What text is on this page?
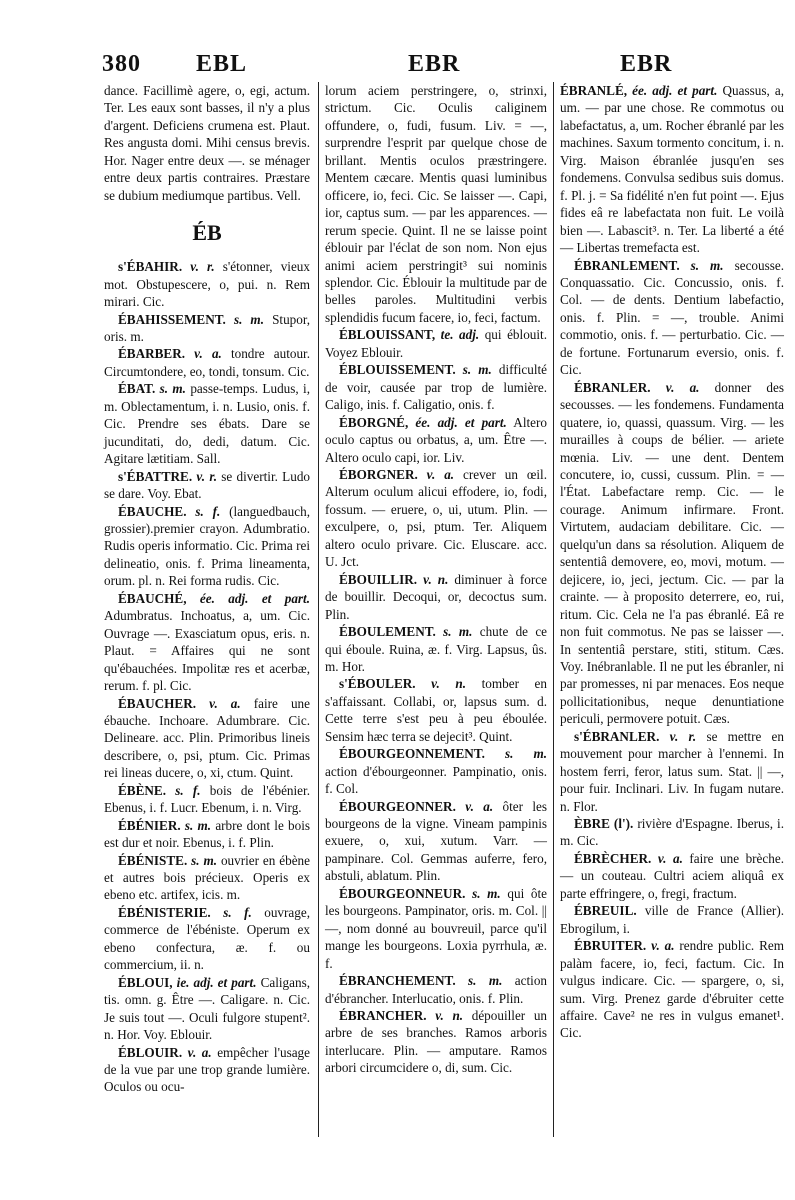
380 EBL	EBR	EBR

dance. Facillimè agere, o, egi, actum. Ter. Les eaux sont basses, il n'y a plus d'argent. Deficiens crumena est. Plaut. Res angusta domi. Mihi census brevis. Hor. Nager entre deux —. se ménager entre deux partis contraires. Præstare se dubium mediumque partibus. Vell.

ÉB

s'ÉBAHIR. v. r. s'étonner, vieux mot. Obstupescere, o, pui. n. Rem mirari. Cic.

ÉBAHISSEMENT. s. m. Stupor, oris. m.

ÉBARBER. v. a. tondre autour. Circumtondere, eo, tondi, tonsum. Cic.

ÉBAT. s. m. passe-temps. Ludus, i, m. Oblectamentum, i. n. Lusio, onis. f. Cic. Prendre ses ébats. Dare se jucunditati, do, dedi, datum. Cic. Agitare lætitiam. Sall.

s'ÉBATTRE. v. r. se divertir. Ludo se dare. Voy. Ebat.

ÉBAUCHE. s. f. (languedbauch, grossier).premier crayon. Adumbratio. Rudis operis informatio. Cic. Prima rei delineatio, onis. f. Prima lineamenta, orum. pl. n. Rei forma rudis. Cic.

ÉBAUCHÉ, ée. adj. et part. Adumbratus. Inchoatus, a, um. Cic. Ouvrage —. Exasciatum opus, eris. n. Plaut. = Affaires qui ne sont qu'ébauchées. Impolitæ res et acerbæ, rerum. f. pl. Cic.

ÉBAUCHER. v. a. faire une ébauche. Inchoare. Adumbrare. Cic. Delineare. acc. Plin. Primoribus lineis describere, o, psi, ptum. Cic. Primas rei lineas ducere, o, xi, ctum. Quint.

ÉBÈNE. s. f. bois de l'ébénier. Ebenus, i. f. Lucr. Ebenum, i. n. Virg.

ÉBÉNIER. s. m. arbre dont le bois est dur et noir. Ebenus, i. f. Plin.

ÉBÉNISTE. s. m. ouvrier en ébène et autres bois précieux. Operis ex ebeno etc. artifex, icis. m.

ÉBÉNISTERIE. s. f. ouvrage, commerce de l'ébéniste. Operum ex ebeno confectura, æ. f. ou commercium, ii. n.

ÉBLOUI, ie. adj. et part. Caligans, tis. omn. g. Être —. Caligare. n. Cic. Je suis tout —. Oculi fulgore stupent². n. Hor. Voy. Eblouir.

ÉBLOUIR. v. a. empêcher l'usage de la vue par une trop grande lumière. Oculos ou ocu-

lorum aciem perstringere, o, strinxi, strictum. Cic. Oculis caliginem offundere, o, fudi, fusum. Liv. = —, surprendre l'esprit par quelque chose de brillant. Mentis oculos præstringere. Mentem cæcare. Mentis quasi luminibus officere, io, feci. Cic. Se laisser —. Capi, ior, captus sum. — par les apparences. — rerum specie. Quint. Il ne se laisse point éblouir par l'éclat de son nom. Non ejus animi aciem perstringit³ sui nominis splendor. Cic. Éblouir la multitude par de belles paroles. Multitudini verbis splendidis fucum facere, io, feci, factum.

ÉBLOUISSANT, te. adj. qui éblouit. Voyez Eblouir.

ÉBLOUISSEMENT. s. m. difficulté de voir, causée par trop de lumière. Caligo, inis. f. Caligatio, onis. f.

ÉBORGNÉ, ée. adj. et part. Altero oculo captus ou orbatus, a, um. Être —. Altero oculo capi, ior. Liv.

ÉBORGNER. v. a. crever un œil. Alterum oculum alicui effodere, io, fodi, fossum. — eruere, o, ui, utum. Plin. — exculpere, o, psi, ptum. Ter. Aliquem altero oculo privare. Cic. Eluscare. acc. U. Jct.

ÉBOUILLIR. v. n. diminuer à force de bouillir. Decoqui, or, decoctus sum. Plin.

ÉBOULEMENT. s. m. chute de ce qui éboule. Ruina, æ. f. Virg. Lapsus, ûs. m. Hor.

s'ÉBOULER. v. n. tomber en s'affaissant. Collabi, or, lapsus sum. d. Cette terre s'est peu à peu éboulée. Sensim hæc terra se dejecit³. Quint.

ÉBOURGEONNEMENT. s. m. action d'ébourgeonner. Pampinatio, onis. f. Col.

ÉBOURGEONNER. v. a. ôter les bourgeons de la vigne. Vineam pampinis exuere, o, xui, xutum. Varr. — pampinare. Col. Gemmas auferre, fero, abstuli, ablatum. Plin.

ÉBOURGEONNEUR. s. m. qui ôte les bourgeons. Pampinator, oris. m. Col. || —, nom donné au bouvreuil, parce qu'il mange les bourgeons. Loxia pyrrhula, æ. f.

ÉBRANCHEMENT. s. m. action d'ébrancher. Interlucatio, onis. f. Plin.

ÉBRANCHER. v. n. dépouiller un arbre de ses branches. Ramos arboris interlucare. Plin. — amputare. Ramos arbori circumcidere o, di, sum. Cic.

ÉBRANLÉ, ée. adj. et part. Quassus, a, um. — par une chose. Re commotus ou labefactatus, a, um. Rocher ébranlé par les machines. Saxum tormento concitum, i. n. Virg. Maison ébranlée jusqu'en ses fondemens. Convulsa sedibus suis domus. f. Pl. j. = Sa fidélité n'en fut point —. Ejus fides eâ re labefactata non fuit. Le voilà bien —. Labascit³. n. Ter. La liberté a été — Libertas tremefacta est.

ÉBRANLEMENT. s. m. secousse. Conquassatio. Cic. Concussio, onis. f. Col. — de dents. Dentium labefactio, onis. f. Plin. = —, trouble. Animi commotio, onis. f. — perturbatio. Cic. — de fortune. Fortunarum eversio, onis. f. Cic.

ÉBRANLER. v. a. donner des secousses. — les fondemens. Fundamenta quatere, io, quassi, quassum. Virg. — les murailles à coups de bélier. — ariete mœnia. Liv. — une dent. Dentem concutere, io, cussi, cussum. Plin. = — l'État. Labefactare remp. Cic. — le courage. Animum infirmare. Front. Virtutem, audaciam debilitare. Cic. — quelqu'un dans sa résolution. Aliquem de sententiâ demovere, eo, movi, motum. — dejicere, io, jeci, jectum. Cic. — par la crainte. — à proposito deterrere, eo, rui, ritum. Cic. Cela ne l'a pas ébranlé. Eâ re non fuit commotus. Ne pas se laisser —. In sententiâ perstare, stiti, stitum. Cæs. Voy. Inébranlable. Il ne put les ébranler, ni par promesses, ni par menaces. Eos neque pollicitationibus, neque denuntiatione periculi, permovere potuit. Cæs.

s'ÉBRANLER. v. r. se mettre en mouvement pour marcher à l'ennemi. In hostem ferri, feror, latus sum. Stat. || —, pour fuir. Inclinari. Liv. In fugam nutare. n. Flor.

ÈBRE (l'). rivière d'Espagne. Iberus, i. m. Cic.

ÉBRÈCHER. v. a. faire une brèche. — un couteau. Cultri aciem aliquâ ex parte effringere, o, fregi, fractum.

ÉBREUIL. ville de France (Allier). Ebrogilum, i.

ÉBRUITER. v. a. rendre public. Rem palàm facere, io, feci, factum. Cic. In vulgus indicare. Cic. — spargere, o, si, sum. Virg. Prenez garde d'ébruiter cette affaire. Cave² ne res in vulgus emanet¹. Cic.
